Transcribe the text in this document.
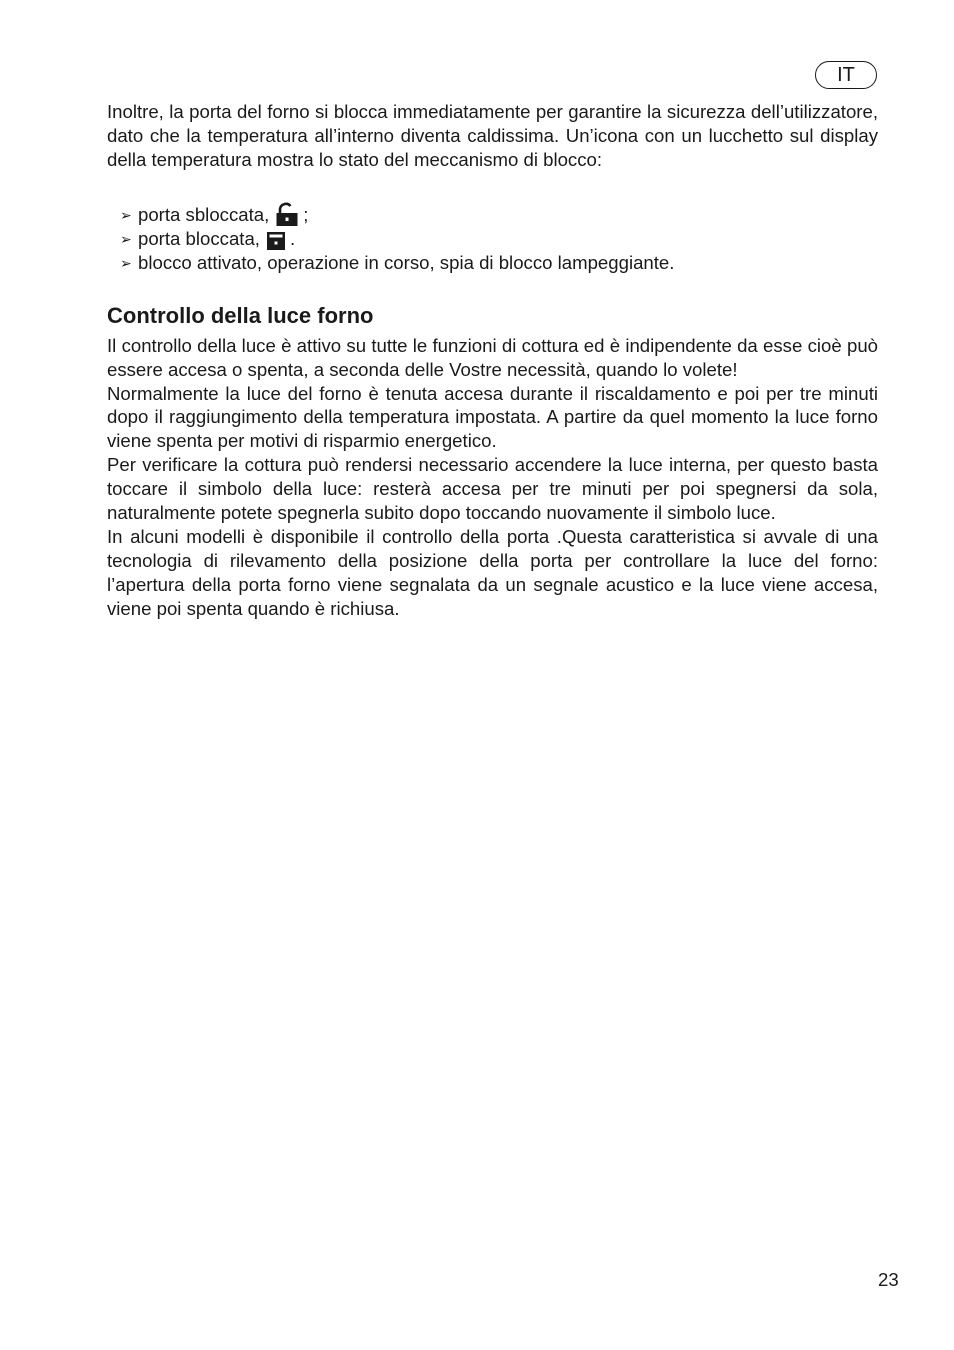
IT

Inoltre, la porta del forno si blocca immediatamente per garantire la sicurezza dell’utilizzatore, dato che la temperatura all’interno diventa caldissima. Un’icona con un lucchetto sul display della temperatura mostra lo stato del meccanismo di blocco:

➢ porta sbloccata, ;
➢ porta bloccata, .
➢ blocco attivato, operazione in corso, spia di blocco lampeggiante.
Controllo della luce forno

Il controllo della luce è attivo su tutte le funzioni di cottura ed è indipendente da esse cioè può essere accesa o spenta, a seconda delle Vostre necessità, quando lo volete!

Normalmente la luce del forno è tenuta accesa durante il riscaldamento e poi per tre minuti dopo il raggiungimento della temperatura impostata. A partire da quel momento la luce forno viene spenta per motivi di risparmio energetico.

Per verificare la cottura può rendersi necessario accendere la luce interna, per questo basta toccare il simbolo della luce: resterà accesa per tre minuti per poi spegnersi da sola, naturalmente potete spegnerla subito dopo toccando nuovamente il simbolo luce.

In alcuni modelli è disponibile il controllo della porta .Questa caratteristica si avvale di una tecnologia di rilevamento della posizione della porta per controllare la luce del forno: l’apertura della porta forno viene segnalata da un segnale acustico e la luce viene accesa, viene poi spenta quando è richiusa.

23
